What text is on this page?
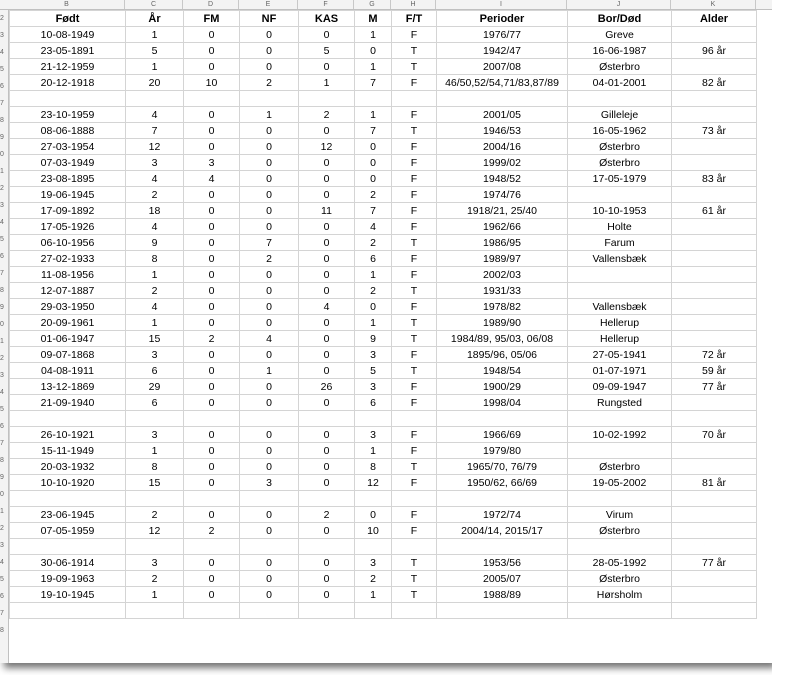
B	C	D	E	F	G	H	I	J	K
2
3
4
5
6
7
8
9
0
1
2
3
4
5
6
7
8
9
0
1
2
3
4
5
6
7
8
9
0
1
2
3
4
5
6
7
8
Født	År	FM	NF	KAS	M	F/T	Perioder	Bor/Død	Alder
10-08-1949	1	0	0	0	1	F	1976/77	Greve	
23-05-1891	5	0	0	5	0	T	1942/47	16-06-1987	96 år
21-12-1959	1	0	0	0	1	T	2007/08	Østerbro	
20-12-1918	20	10	2	1	7	F	46/50,52/54,71/83,87/89	04-01-2001	82 år

23-10-1959	4	0	1	2	1	F	2001/05	Gilleleje	
08-06-1888	7	0	0	0	7	T	1946/53	16-05-1962	73 år
27-03-1954	12	0	0	12	0	F	2004/16	Østerbro	
07-03-1949	3	3	0	0	0	F	1999/02	Østerbro	
23-08-1895	4	4	0	0	0	F	1948/52	17-05-1979	83 år
19-06-1945	2	0	0	0	2	F	1974/76		
17-09-1892	18	0	0	11	7	F	1918/21, 25/40	10-10-1953	61 år
17-05-1926	4	0	0	0	4	F	1962/66	Holte	
06-10-1956	9	0	7	0	2	T	1986/95	Farum	
27-02-1933	8	0	2	0	6	F	1989/97	Vallensbæk	
11-08-1956	1	0	0	0	1	F	2002/03		
12-07-1887	2	0	0	0	2	T	1931/33		
29-03-1950	4	0	0	4	0	F	1978/82	Vallensbæk	
20-09-1961	1	0	0	0	1	T	1989/90	Hellerup	
01-06-1947	15	2	4	0	9	T	1984/89, 95/03, 06/08	Hellerup	
09-07-1868	3	0	0	0	3	F	1895/96, 05/06	27-05-1941	72 år
04-08-1911	6	0	1	0	5	T	1948/54	01-07-1971	59 år
13-12-1869	29	0	0	26	3	F	1900/29	09-09-1947	77 år
21-09-1940	6	0	0	0	6	F	1998/04	Rungsted	

26-10-1921	3	0	0	0	3	F	1966/69	10-02-1992	70 år
15-11-1949	1	0	0	0	1	F	1979/80		
20-03-1932	8	0	0	0	8	T	1965/70, 76/79	Østerbro	
10-10-1920	15	0	3	0	12	F	1950/62, 66/69	19-05-2002	81 år

23-06-1945	2	0	0	2	0	F	1972/74	Virum	
07-05-1959	12	2	0	0	10	F	2004/14, 2015/17	Østerbro	

30-06-1914	3	0	0	0	3	T	1953/56	28-05-1992	77 år
19-09-1963	2	0	0	0	2	T	2005/07	Østerbro	
19-10-1945	1	0	0	0	1	T	1988/89	Hørsholm	
